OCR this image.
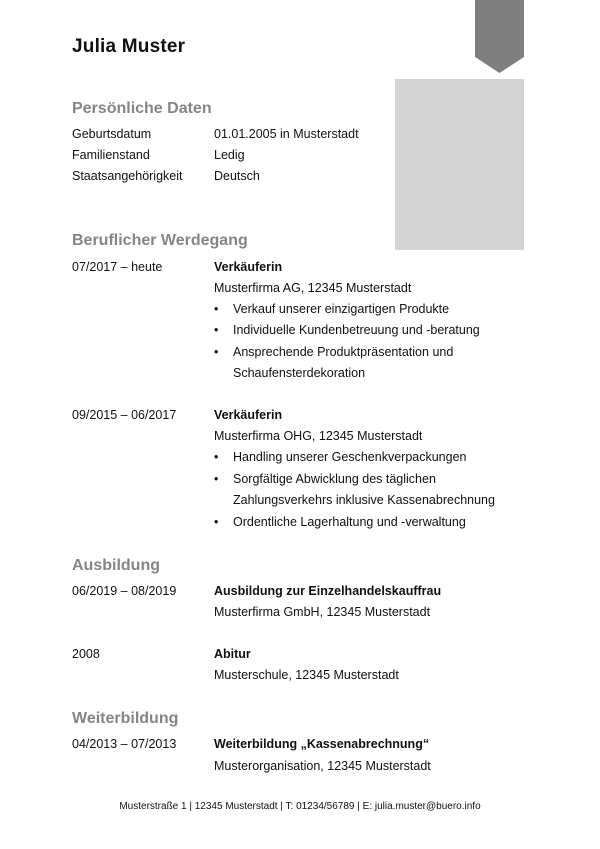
Julia Muster
Persönliche Daten
Geburtsdatum	01.01.2005 in Musterstadt
Familienstand	Ledig
Staatsangehörigkeit	Deutsch
Beruflicher Werdegang
07/2017 – heute	Verkäuferin
Musterfirma AG, 12345 Musterstadt
• Verkauf unserer einzigartigen Produkte
• Individuelle Kundenbetreuung und -beratung
• Ansprechende Produktpräsentation und
Schaufensterdekoration
09/2015 – 06/2017	Verkäuferin
Musterfirma OHG, 12345 Musterstadt
• Handling unserer Geschenkverpackungen
• Sorgfältige Abwicklung des täglichen
Zahlungsverkehrs inklusive Kassenabrechnung
• Ordentliche Lagerhaltung und -verwaltung
Ausbildung
06/2019 – 08/2019	Ausbildung zur Einzelhandelskauffrau
Musterfirma GmbH, 12345 Musterstadt
2008	Abitur
Musterschule, 12345 Musterstadt
Weiterbildung
04/2013 – 07/2013	Weiterbildung „Kassenabrechnung“
Musterorganisation, 12345 Musterstadt
Musterstraße 1 | 12345 Musterstadt | T: 01234/56789 | E: julia.muster@buero.info
